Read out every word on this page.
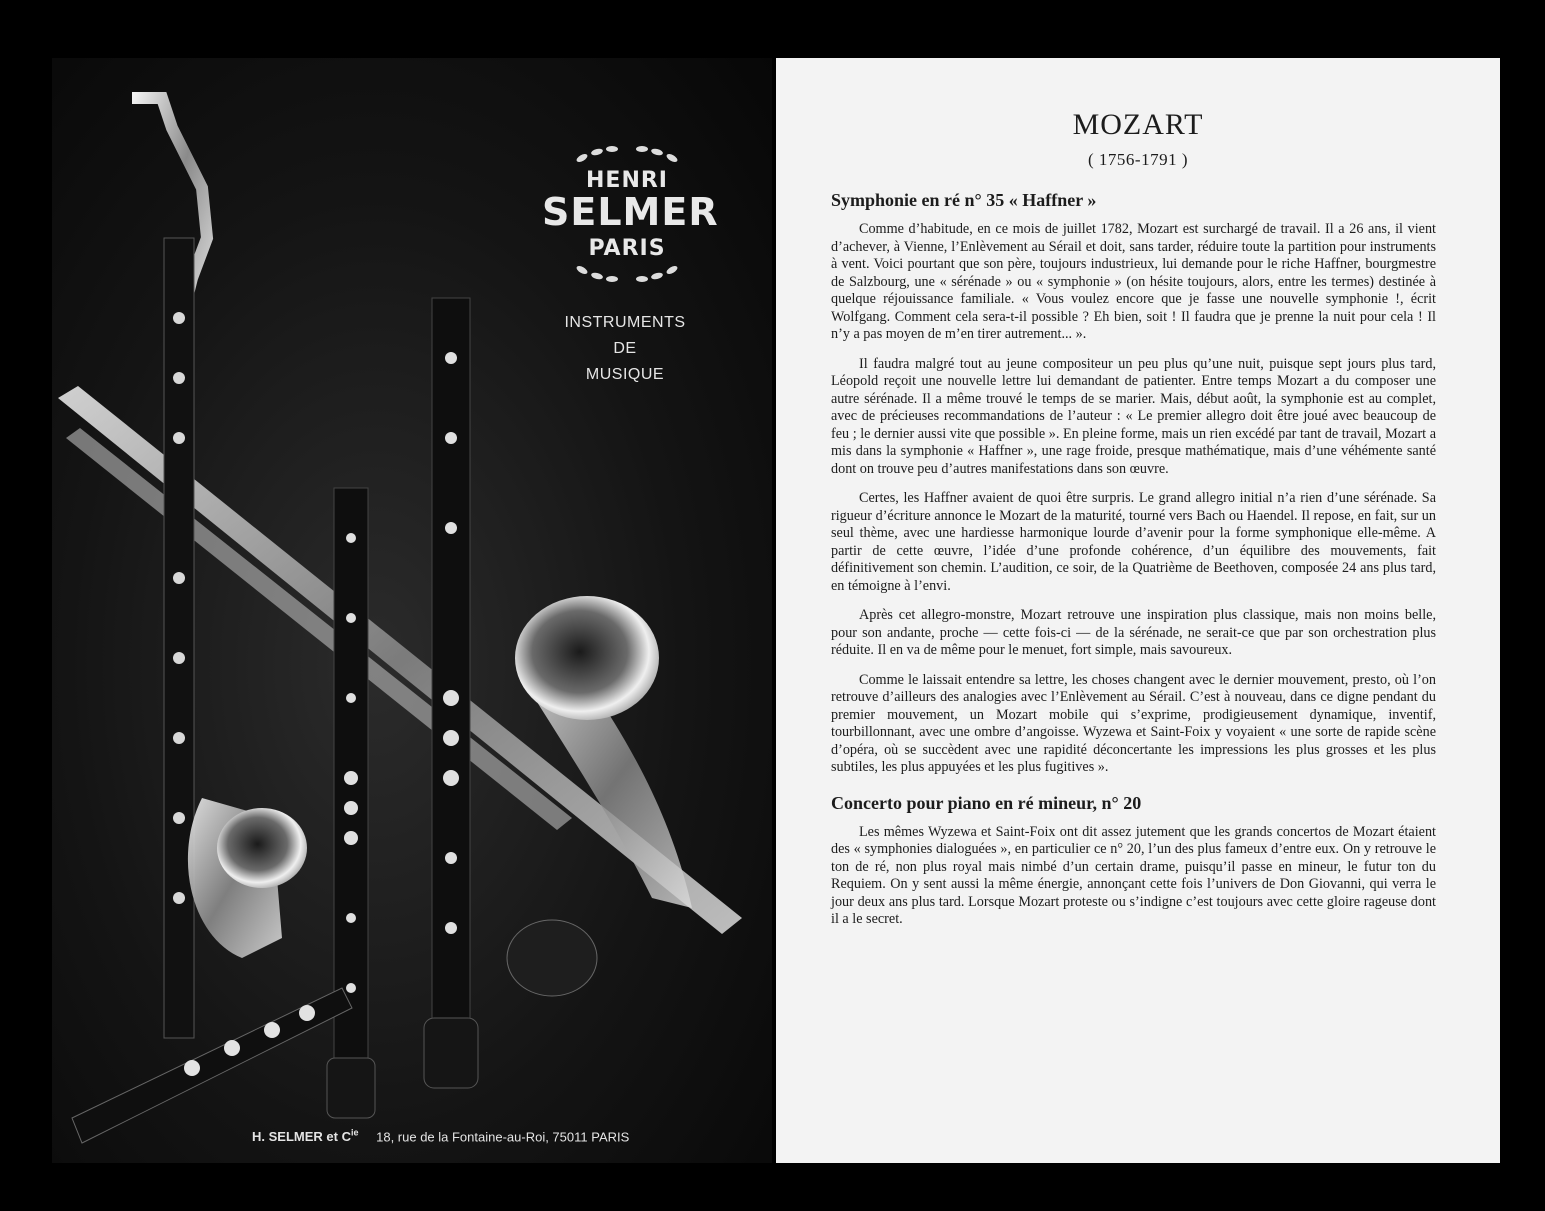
HENRI
SELMER
PARIS
INSTRUMENTS
DE
MUSIQUE
H. SELMER et $C^{ie}$ 18, rue de la Fontaine-au-Roi, 75011 PARIS
MOZART
( 1756-1791 )
Symphonie en ré n° 35 « Haffner »

Comme d’habitude, en ce mois de juillet 1782, Mozart est surchargé de travail. Il a 26 ans, il vient d’achever, à Vienne, l’Enlèvement au Sérail et doit, sans tarder, réduire toute la partition pour instruments à vent. Voici pourtant que son père, toujours industrieux, lui demande pour le riche Haffner, bourgmestre de Salzbourg, une « sérénade » ou « symphonie » (on hésite toujours, alors, entre les termes) destinée à quelque réjouissance familiale. « Vous voulez encore que je fasse une nouvelle symphonie !, écrit Wolfgang. Comment cela sera-t-il possible ? Eh bien, soit ! Il faudra que je prenne la nuit pour cela ! Il n’y a pas moyen de m’en tirer autrement... ».

Il faudra malgré tout au jeune compositeur un peu plus qu’une nuit, puisque sept jours plus tard, Léopold reçoit une nouvelle lettre lui demandant de patienter. Entre temps Mozart a du composer une autre sérénade. Il a même trouvé le temps de se marier. Mais, début août, la symphonie est au complet, avec de précieuses recommandations de l’auteur : « Le premier allegro doit être joué avec beaucoup de feu ; le dernier aussi vite que possible ». En pleine forme, mais un rien excédé par tant de travail, Mozart a mis dans la symphonie « Haffner », une rage froide, presque mathématique, mais d’une véhémente santé dont on trouve peu d’autres manifestations dans son œuvre.

Certes, les Haffner avaient de quoi être surpris. Le grand allegro initial n’a rien d’une sérénade. Sa rigueur d’écriture annonce le Mozart de la maturité, tourné vers Bach ou Haendel. Il repose, en fait, sur un seul thème, avec une hardiesse harmonique lourde d’avenir pour la forme symphonique elle-même. A partir de cette œuvre, l’idée d’une profonde cohérence, d’un équilibre des mouvements, fait définitivement son chemin. L’audition, ce soir, de la Quatrième de Beethoven, composée 24 ans plus tard, en témoigne à l’envi.

Après cet allegro-monstre, Mozart retrouve une inspiration plus classique, mais non moins belle, pour son andante, proche — cette fois-ci — de la sérénade, ne serait-ce que par son orchestration plus réduite. Il en va de même pour le menuet, fort simple, mais savoureux.

Comme le laissait entendre sa lettre, les choses changent avec le dernier mouvement, presto, où l’on retrouve d’ailleurs des analogies avec l’Enlèvement au Sérail. C’est à nouveau, dans ce digne pendant du premier mouvement, un Mozart mobile qui s’exprime, prodigieusement dynamique, inventif, tourbillonnant, avec une ombre d’angoisse. Wyzewa et Saint-Foix y voyaient « une sorte de rapide scène d’opéra, où se succèdent avec une rapidité déconcertante les impressions les plus grosses et les plus subtiles, les plus appuyées et les plus fugitives ».

Concerto pour piano en ré mineur, n° 20

Les mêmes Wyzewa et Saint-Foix ont dit assez jutement que les grands concertos de Mozart étaient des « symphonies dialoguées », en particulier ce n° 20, l’un des plus fameux d’entre eux. On y retrouve le ton de ré, non plus royal mais nimbé d’un certain drame, puisqu’il passe en mineur, le futur ton du Requiem. On y sent aussi la même énergie, annonçant cette fois l’univers de Don Giovanni, qui verra le jour deux ans plus tard. Lorsque Mozart proteste ou s’indigne c’est toujours avec cette gloire rageuse dont il a le secret.
